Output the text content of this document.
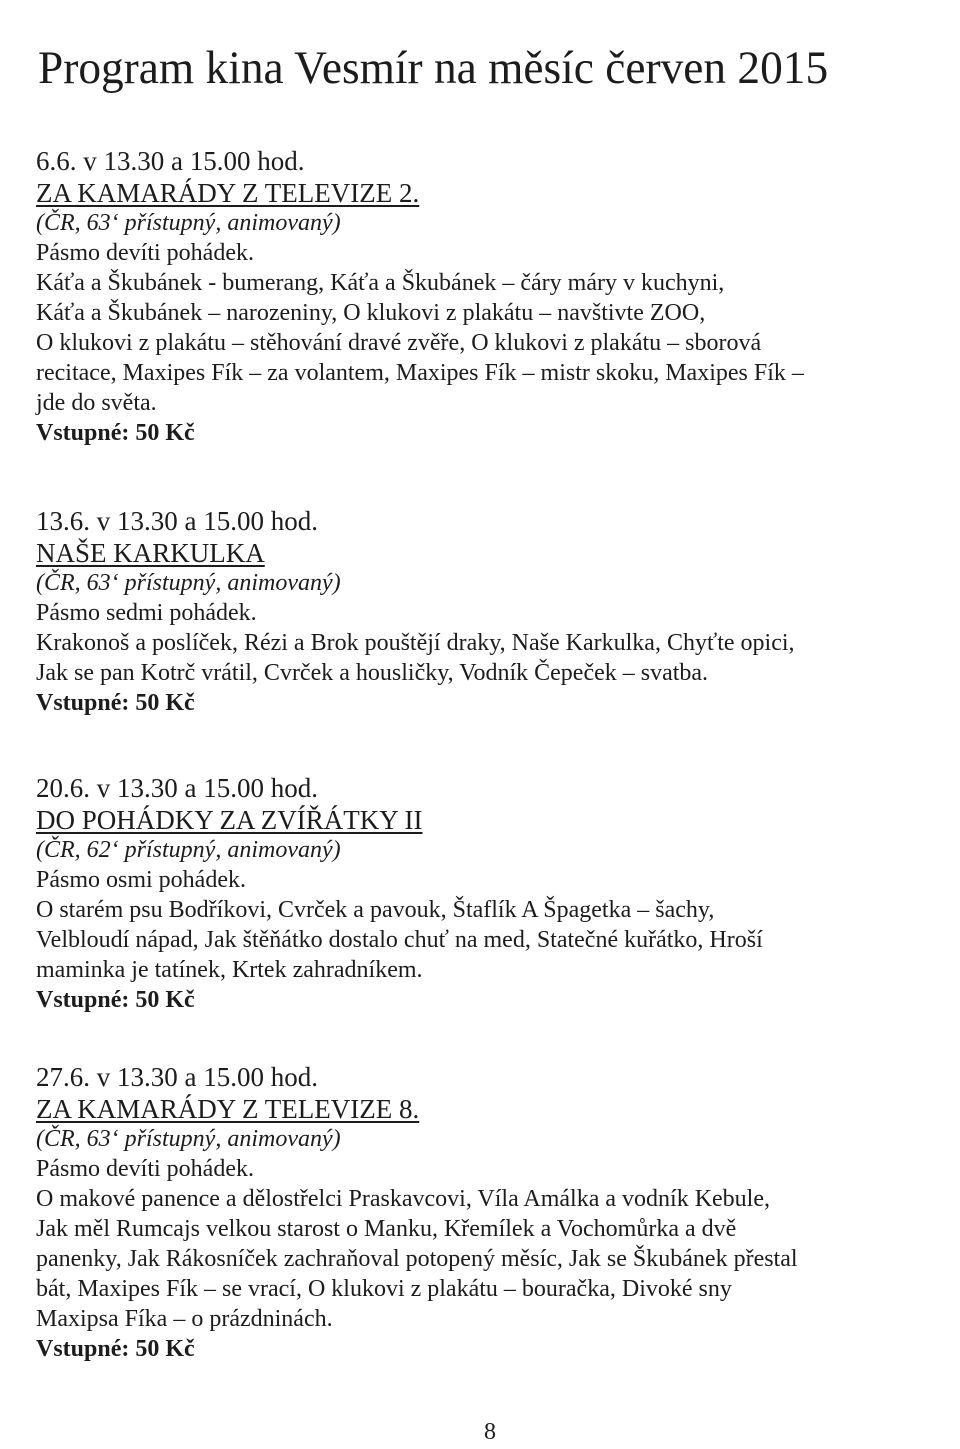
Program kina Vesmír na měsíc červen 2015
6.6. v 13.30 a 15.00 hod.
ZA KAMARÁDY Z TELEVIZE 2.
(ČR, 63‘ přístupný, animovaný)
Pásmo devíti pohádek.
Káťa a Škubánek - bumerang, Káťa a Škubánek – čáry máry v kuchyni,
Káťa a Škubánek – narozeniny, O klukovi z plakátu – navštivte ZOO,
O klukovi z plakátu – stěhování dravé zvěře, O klukovi z plakátu – sborová
recitace, Maxipes Fík – za volantem, Maxipes Fík – mistr skoku, Maxipes Fík –
jde do světa.
Vstupné: 50 Kč
13.6. v 13.30 a 15.00 hod.
NAŠE KARKULKA
(ČR, 63‘ přístupný, animovaný)
Pásmo sedmi pohádek.
Krakonoš a poslíček, Rézi a Brok pouštějí draky, Naše Karkulka, Chyťte opici,
Jak se pan Kotrč vrátil, Cvrček a housličky, Vodník Čepeček – svatba.
Vstupné: 50 Kč
20.6. v 13.30 a 15.00 hod.
DO POHÁDKY ZA ZVÍŘÁTKY II
(ČR, 62‘ přístupný, animovaný)
Pásmo osmi pohádek.
O starém psu Bodříkovi, Cvrček a pavouk, Štaflík A Špagetka – šachy,
Velbloudí nápad, Jak štěňátko dostalo chuť na med, Statečné kuřátko, Hroší
maminka je tatínek, Krtek zahradníkem.
Vstupné: 50 Kč
27.6. v 13.30 a 15.00 hod.
ZA KAMARÁDY Z TELEVIZE 8.
(ČR, 63‘ přístupný, animovaný)
Pásmo devíti pohádek.
O makové panence a dělostřelci Praskavcovi, Víla Amálka a vodník Kebule,
Jak měl Rumcajs velkou starost o Manku, Křemílek a Vochomůrka a dvě
panenky, Jak Rákosníček zachraňoval potopený měsíc, Jak se Škubánek přestal
bát, Maxipes Fík – se vrací, O klukovi z plakátu – bouračka, Divoké sny
Maxipsa Fíka – o prázdninách.
Vstupné: 50 Kč
8
